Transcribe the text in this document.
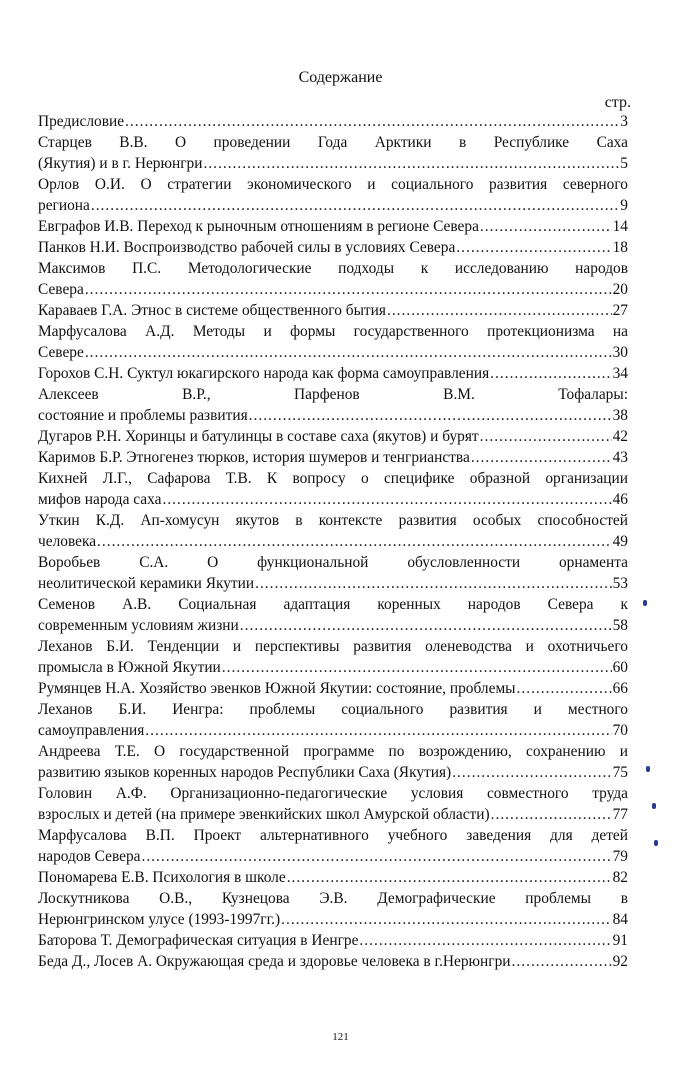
Содержание
стр.
Предисловие .....	3
Старцев В.В. О проведении Года Арктики в Республике Саха
(Якутия) и в г. Нерюнгри .....	5
Орлов О.И. О стратегии экономического и социального развития северного
региона .....	9
Евграфов И.В. Переход к рыночным отношениям в регионе Севера .....	14
Панков Н.И. Воспроизводство рабочей силы в условиях Севера .....	18
Максимов П.С. Методологические подходы к исследованию народов
Севера .....	20
Караваев Г.А. Этнос в системе общественного бытия .....	27
Марфусалова А.Д. Методы и формы государственного протекционизма на
Севере .....	30
Горохов С.Н. Суктул юкагирского народа как форма самоуправления .....	34
Алексеев В.Р., Парфенов В.М. Тофалары:
состояние и проблемы развития .....	38
Дугаров Р.Н. Хоринцы и батулинцы в составе саха (якутов) и бурят .....	42
Каримов Б.Р. Этногенез тюрков, история шумеров и тенгрианства .....	43
Кихней Л.Г., Сафарова Т.В. К вопросу о специфике образной организации
мифов народа саха .....	46
Уткин К.Д. Ап-хомусун якутов в контексте развития особых способностей
человека .....	49
Воробьев С.А. О функциональной обусловленности орнамента
неолитической керамики Якутии .....	53
Семенов А.В. Социальная адаптация коренных народов Севера к
современным условиям жизни .....	58
Леханов Б.И. Тенденции и перспективы развития оленеводства и охотничьего
промысла в Южной Якутии .....	60
Румянцев Н.А. Хозяйство эвенков Южной Якутии: состояние, проблемы .....	66
Леханов Б.И. Иенгра: проблемы социального развития и местного
самоуправления .....	70
Андреева Т.Е. О государственной программе по возрождению, сохранению и
развитию языков коренных народов Республики Саха (Якутия) .....	75
Головин А.Ф. Организационно-педагогические условия совместного труда
взрослых и детей (на примере эвенкийских школ Амурской области) .....	77
Марфусалова В.П. Проект альтернативного учебного заведения для детей
народов Севера .....	79
Пономарева Е.В. Психология в школе .....	82
Лоскутникова О.В., Кузнецова Э.В. Демографические проблемы в
Нерюнгринском улусе (1993-1997гг.) .....	84
Баторова Т. Демографическая ситуация в Иенгре .....	91
Беда Д., Лосев А. Окружающая среда и здоровье человека в г.Нерюнгри .....	92
121
